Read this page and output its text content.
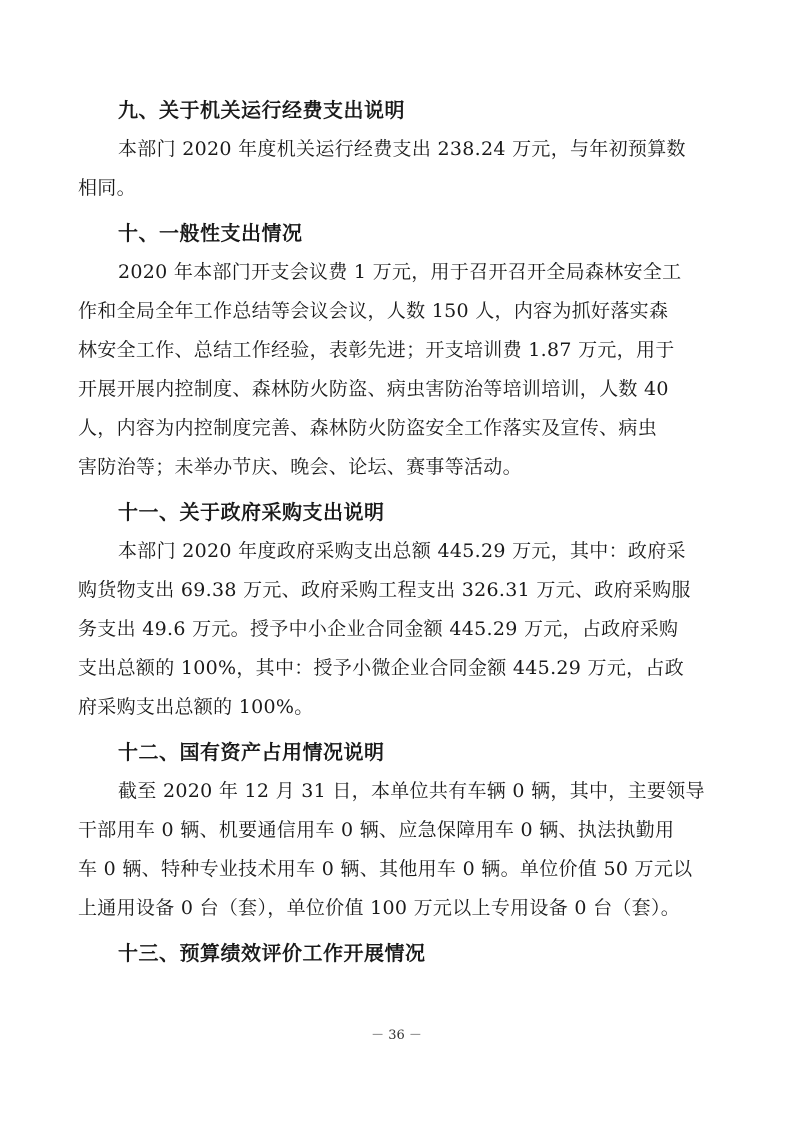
九、关于机关运行经费支出说明
本部门 2020 年度机关运行经费支出 238.24 万元，与年初预算数
相同。
十、一般性支出情况
2020 年本部门开支会议费 1 万元，用于召开召开全局森林安全工
作和全局全年工作总结等会议会议，人数 150 人，内容为抓好落实森
林安全工作、总结工作经验，表彰先进；开支培训费 1.87 万元，用于
开展开展内控制度、森林防火防盗、病虫害防治等培训培训，人数 40
人，内容为内控制度完善、森林防火防盗安全工作落实及宣传、病虫
害防治等；未举办节庆、晚会、论坛、赛事等活动。
十一、关于政府采购支出说明
本部门 2020 年度政府采购支出总额 445.29 万元，其中：政府采
购货物支出 69.38 万元、政府采购工程支出 326.31 万元、政府采购服
务支出 49.6 万元。授予中小企业合同金额 445.29 万元，占政府采购
支出总额的 100%，其中：授予小微企业合同金额 445.29 万元，占政
府采购支出总额的 100%。
十二、国有资产占用情况说明
截至 2020 年 12 月 31 日，本单位共有车辆 0 辆，其中，主要领导
干部用车 0 辆、机要通信用车 0 辆、应急保障用车 0 辆、执法执勤用
车 0 辆、特种专业技术用车 0 辆、其他用车 0 辆。单位价值 50 万元以
上通用设备 0 台（套），单位价值 100 万元以上专用设备 0 台（套）。
十三、预算绩效评价工作开展情况
－ 36 －
